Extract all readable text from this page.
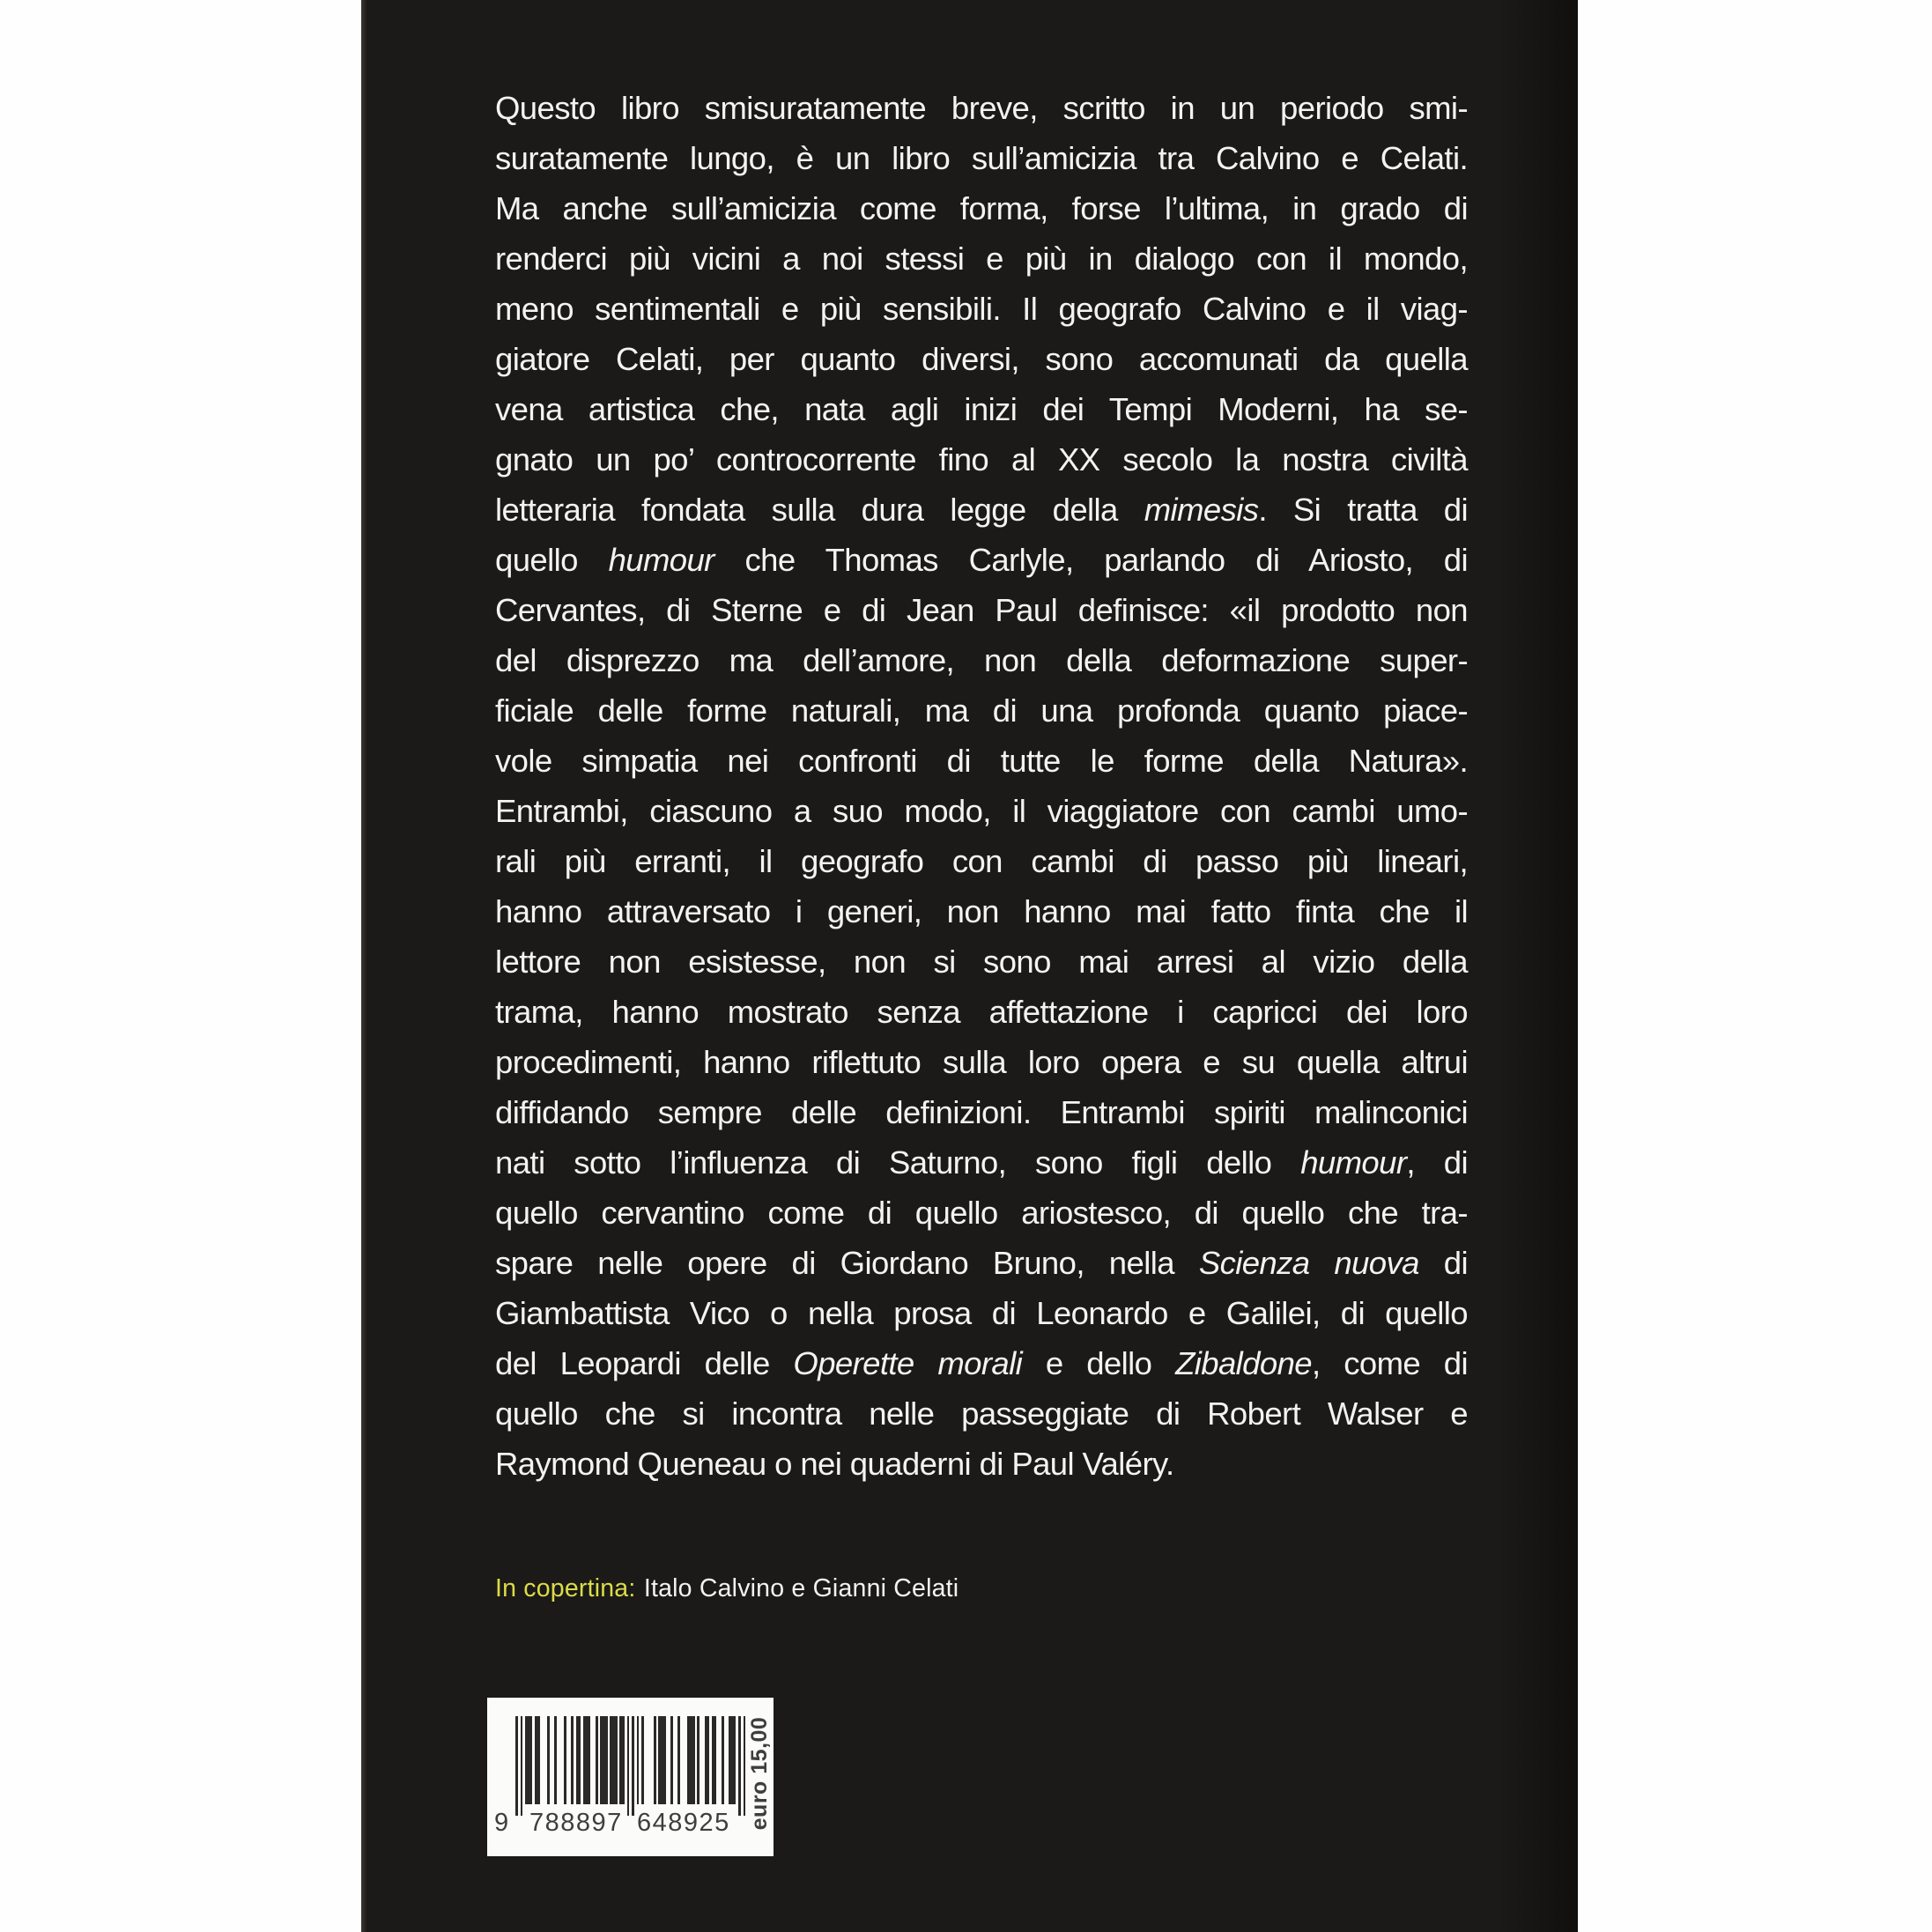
Questo libro smisuratamente breve, scritto in un periodo smi-
suratamente lungo, è un libro sull’amicizia tra Calvino e Celati.
Ma anche sull’amicizia come forma, forse l’ultima, in grado di
renderci più vicini a noi stessi e più in dialogo con il mondo,
meno sentimentali e più sensibili. Il geografo Calvino e il viag-
giatore Celati, per quanto diversi, sono accomunati da quella
vena artistica che, nata agli inizi dei Tempi Moderni, ha se-
gnato un po’ controcorrente fino al XX secolo la nostra civiltà
letteraria fondata sulla dura legge della mimesis. Si tratta di
quello humour che Thomas Carlyle, parlando di Ariosto, di
Cervantes, di Sterne e di Jean Paul definisce: «il prodotto non
del disprezzo ma dell’amore, non della deformazione super-
ficiale delle forme naturali, ma di una profonda quanto piace-
vole simpatia nei confronti di tutte le forme della Natura».
Entrambi, ciascuno a suo modo, il viaggiatore con cambi umo-
rali più erranti, il geografo con cambi di passo più lineari,
hanno attraversato i generi, non hanno mai fatto finta che il
lettore non esistesse, non si sono mai arresi al vizio della
trama, hanno mostrato senza affettazione i capricci dei loro
procedimenti, hanno riflettuto sulla loro opera e su quella altrui
diffidando sempre delle definizioni. Entrambi spiriti malinconici
nati sotto l’influenza di Saturno, sono figli dello humour, di
quello cervantino come di quello ariostesco, di quello che tra-
spare nelle opere di Giordano Bruno, nella Scienza nuova di
Giambattista Vico o nella prosa di Leonardo e Galilei, di quello
del Leopardi delle Operette morali e dello Zibaldone, come di
quello che si incontra nelle passeggiate di Robert Walser e
Raymond Queneau o nei quaderni di Paul Valéry.
In copertina: Italo Calvino e Gianni Celati
9 788897 648925 euro 15,00
